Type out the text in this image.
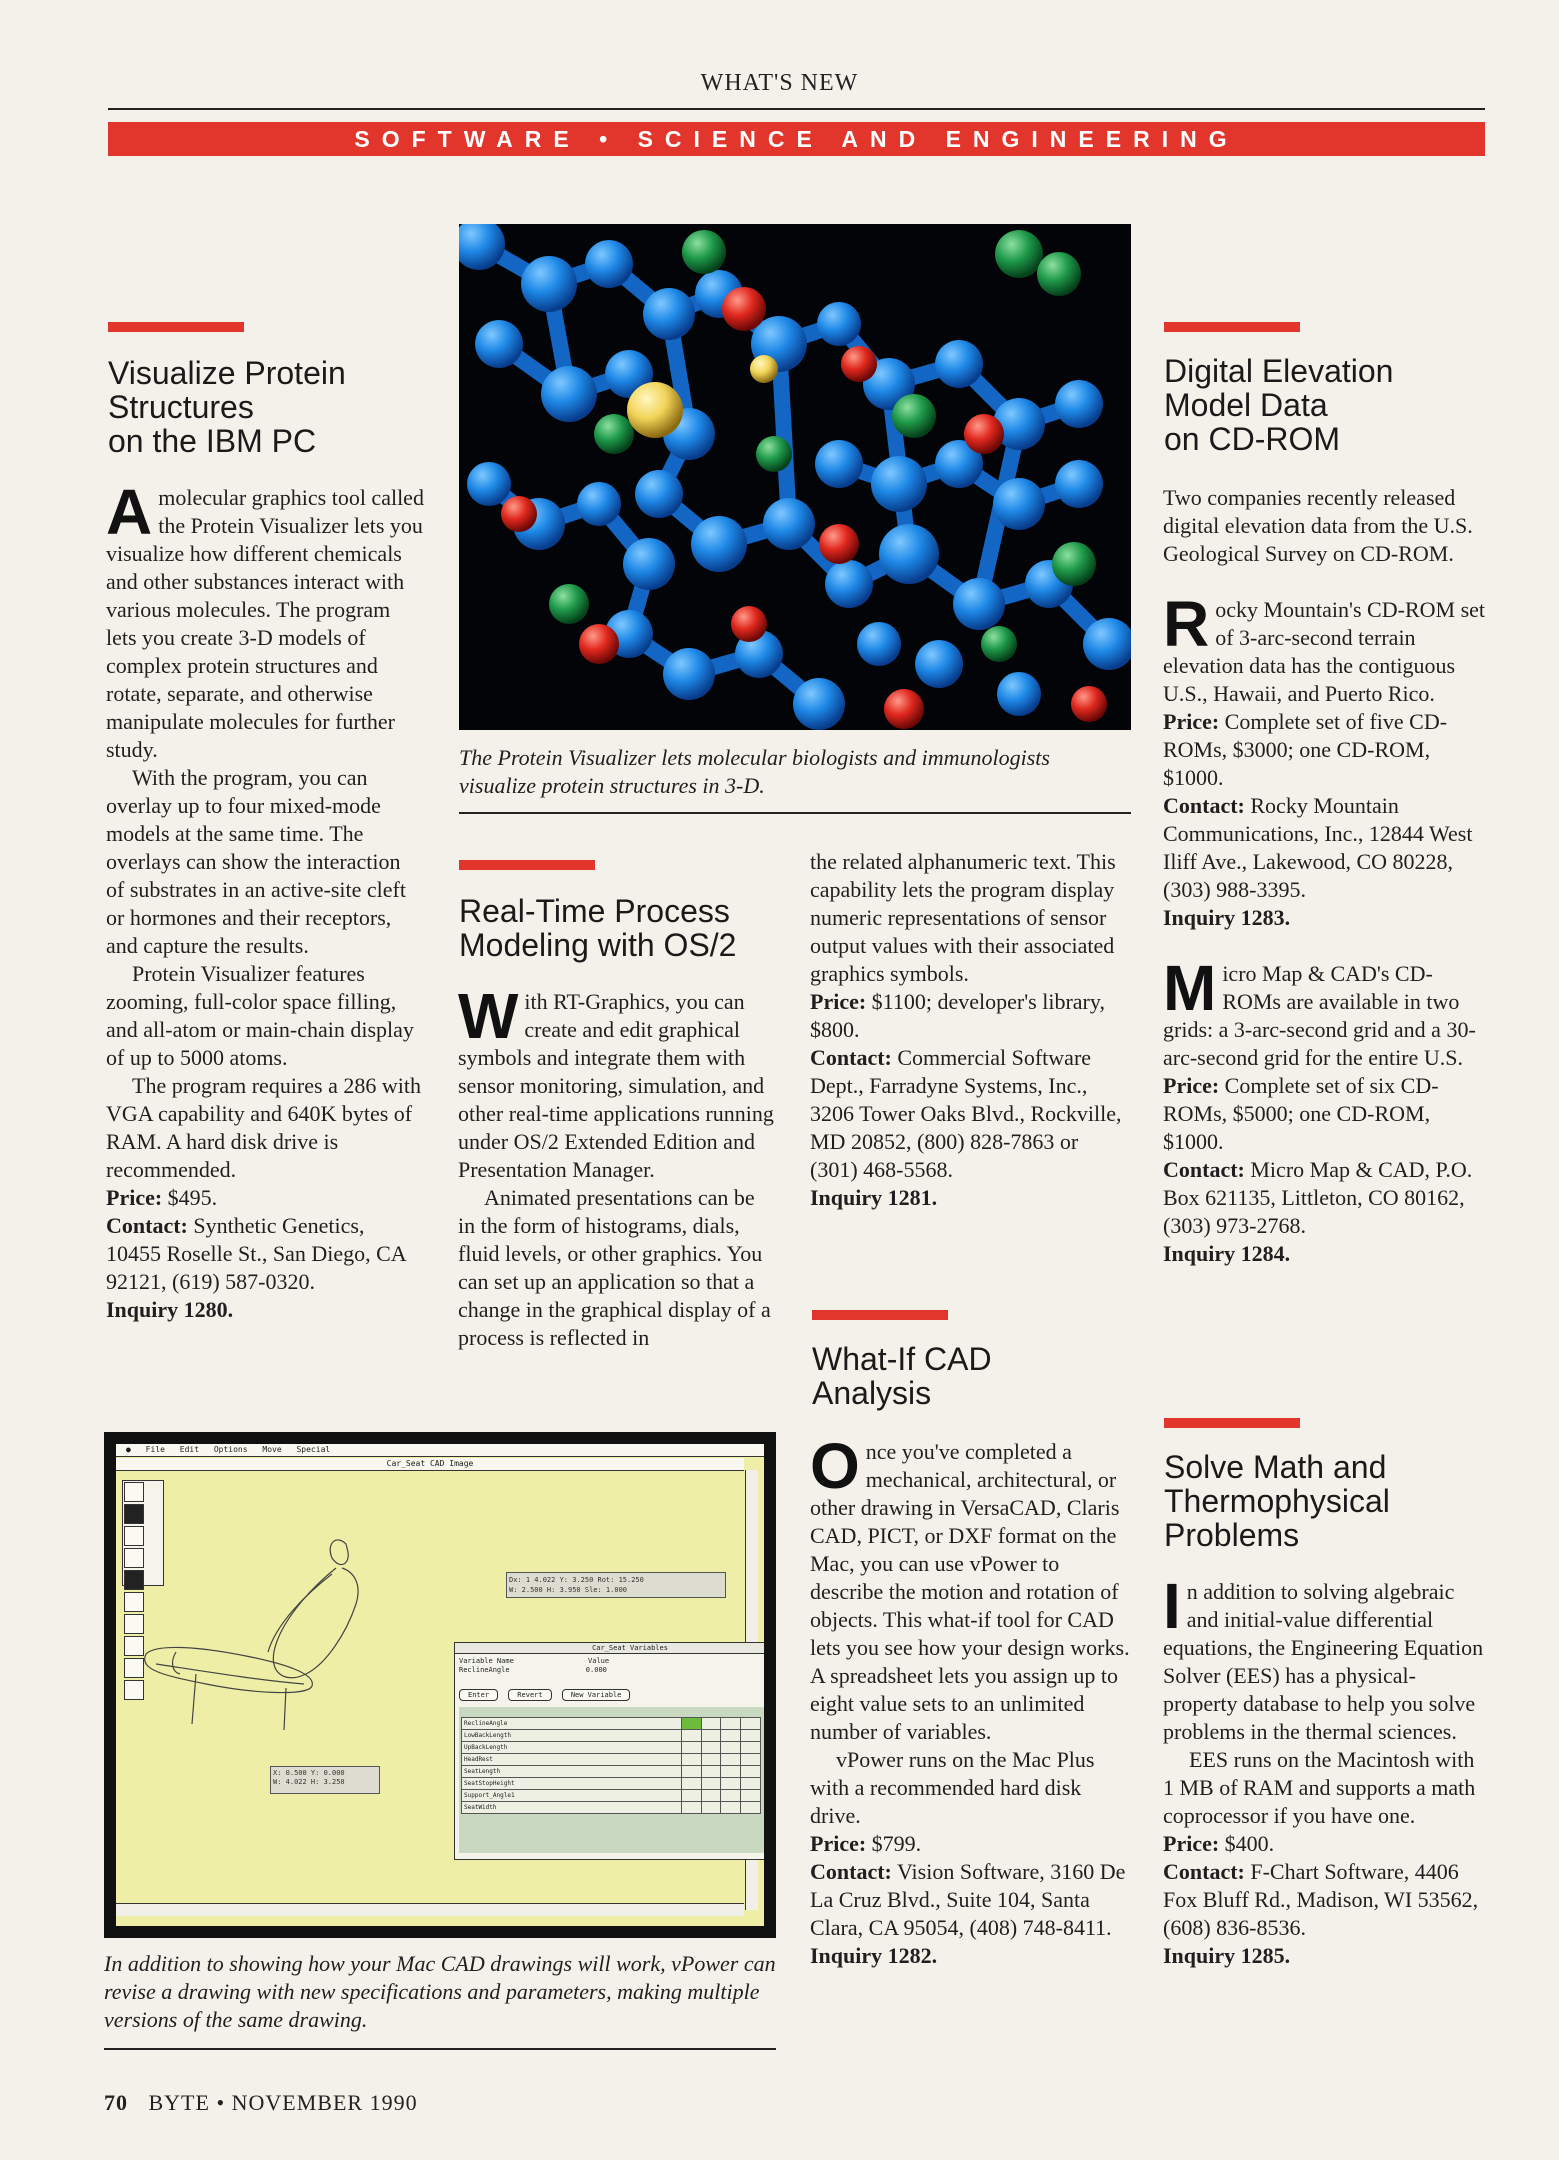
WHAT'S NEW
SOFTWARE • SCIENCE AND ENGINEERING
Visualize Protein
Structures
on the IBM PC

Amolecular graphics tool called the Protein Visualizer lets you visualize how different chemicals and other substances interact with various molecules. The program lets you create 3-D models of complex protein structures and rotate, separate, and otherwise manipulate molecules for further study.

With the program, you can overlay up to four mixed-mode models at the same time. The overlays can show the interaction of substrates in an active-site cleft or hormones and their receptors, and capture the results.

Protein Visualizer features zooming, full-color space filling, and all-atom or main-chain display of up to 5000 atoms.

The program requires a 286 with VGA capability and 640K bytes of RAM. A hard disk drive is recommended.

Price: $495.

Contact: Synthetic Genetics, 10455 Roselle St., San Diego, CA 92121, (619) 587-0320.

Inquiry 1280.

The Protein Visualizer lets molecular biologists and immunologists visualize protein structures in 3-D.
Real-Time Process
Modeling with OS/2

With RT-Graphics, you can create and edit graphical symbols and integrate them with sensor monitoring, simulation, and other real-time applications running under OS/2 Extended Edition and Presentation Manager.

Animated presentations can be in the form of histograms, dials, fluid levels, or other graphics. You can set up an application so that a change in the graphical display of a process is reflected in

the related alphanumeric text. This capability lets the program display numeric representations of sensor output values with their associated graphics symbols.

Price: $1100; developer's library, $800.

Contact: Commercial Software Dept., Farradyne Systems, Inc., 3206 Tower Oaks Blvd., Rockville, MD 20852, (800) 828-7863 or (301) 468-5568.

Inquiry 1281.

What-If CAD
Analysis

Once you've completed a mechanical, architectural, or other drawing in VersaCAD, Claris CAD, PICT, or DXF format on the Mac, you can use vPower to describe the motion and rotation of objects. This what-if tool for CAD lets you see how your design works. A spreadsheet lets you assign up to eight value sets to an unlimited number of variables.

vPower runs on the Mac Plus with a recommended hard disk drive.

Price: $799.

Contact: Vision Software, 3160 De La Cruz Blvd., Suite 104, Santa Clara, CA 95054, (408) 748-8411.

Inquiry 1282.

● File Edit Options Move Special
Car_Seat CAD Image
Dx: 1 4.022 Y: 3.250 Rot: 15.250
W: 2.500 H: 3.950 Sle: 1.000
X: 0.500 Y: 0.000
W: 4.022 H: 3.250
Car_Seat Variables
Variable Name	Value
ReclineAngle	0.000
Enter	Revert	New Variable
ReclineAngle				
LowBackLength				
UpBackLength				
HeadRest				
SeatLength				
SeatStopHeight				
Support_Angle1				
SeatWidth				
In addition to showing how your Mac CAD drawings will work, vPower can revise a drawing with new specifications and parameters, making multiple versions of the same drawing.
Digital Elevation
Model Data
on CD-ROM

Two companies recently released digital elevation data from the U.S. Geological Survey on CD-ROM.

Rocky Mountain's CD-ROM set of 3-arc-second terrain elevation data has the contiguous U.S., Hawaii, and Puerto Rico.

Price: Complete set of five CD-ROMs, $3000; one CD-ROM, $1000.

Contact: Rocky Mountain Communications, Inc., 12844 West Iliff Ave., Lakewood, CO 80228, (303) 988-3395.

Inquiry 1283.

Micro Map & CAD's CD-ROMs are available in two grids: a 3-arc-second grid and a 30-arc-second grid for the entire U.S.

Price: Complete set of six CD-ROMs, $5000; one CD-ROM, $1000.

Contact: Micro Map & CAD, P.O. Box 621135, Littleton, CO 80162, (303) 973-2768.

Inquiry 1284.

Solve Math and
Thermophysical
Problems

In addition to solving algebraic and initial-value differential equations, the Engineering Equation Solver (EES) has a physical-property database to help you solve problems in the thermal sciences.

EES runs on the Macintosh with 1 MB of RAM and supports a math coprocessor if you have one.

Price: $400.

Contact: F-Chart Software, 4406 Fox Bluff Rd., Madison, WI 53562, (608) 836-8536.

Inquiry 1285.

70 BYTE • NOVEMBER 1990
